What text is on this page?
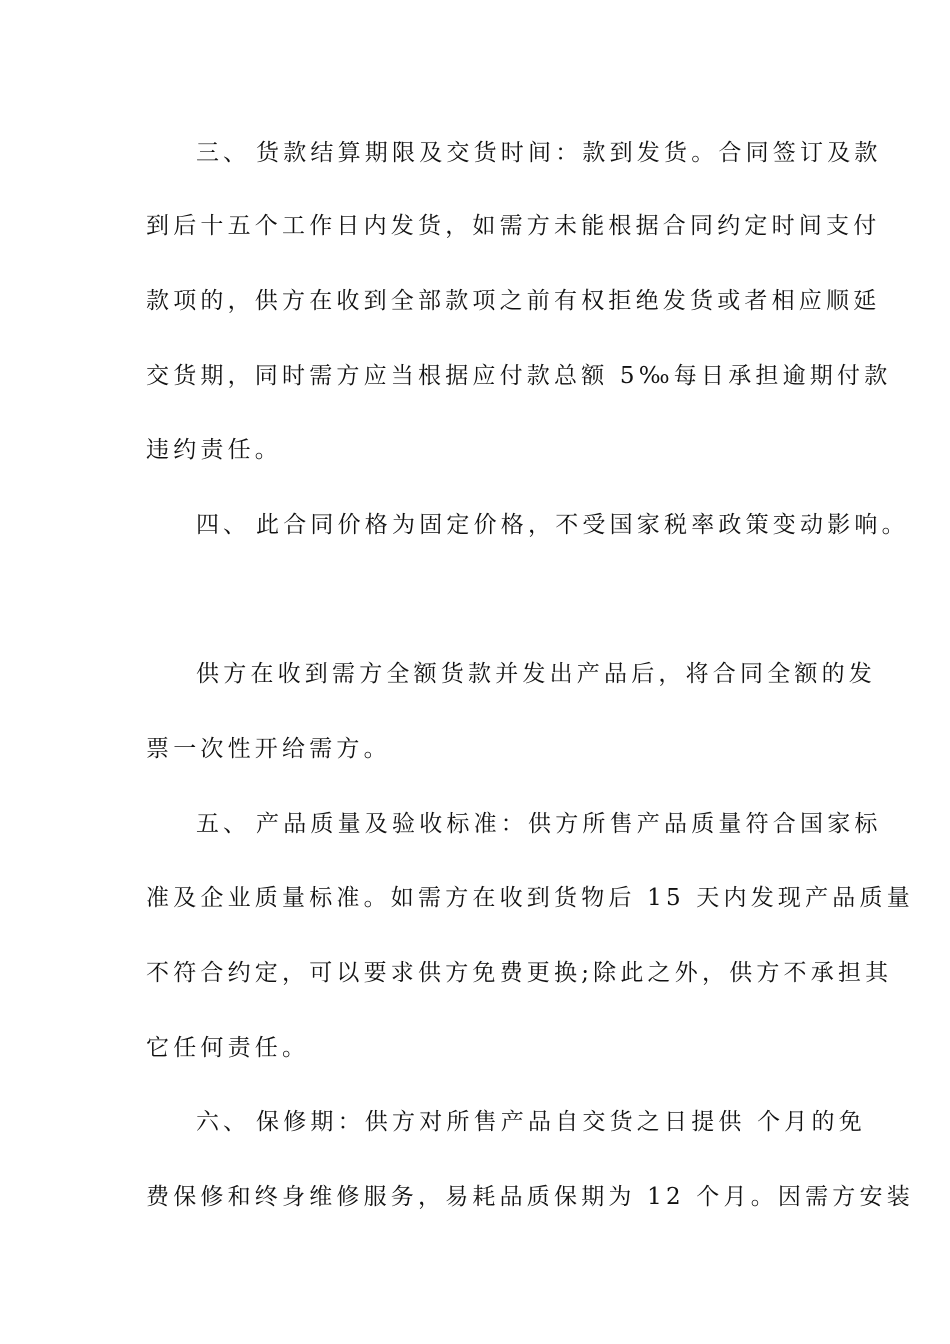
三、 货款结算期限及交货时间：款到发货。合同签订及款
到后十五个工作日内发货，如需方未能根据合同约定时间支付
款项的，供方在收到全部款项之前有权拒绝发货或者相应顺延
交货期，同时需方应当根据应付款总额 5‰每日承担逾期付款
违约责任。
四、 此合同价格为固定价格，不受国家税率政策变动影响。
供方在收到需方全额货款并发出产品后，将合同全额的发
票一次性开给需方。
五、 产品质量及验收标准：供方所售产品质量符合国家标
准及企业质量标准。如需方在收到货物后 15 天内发现产品质量
不符合约定，可以要求供方免费更换;除此之外，供方不承担其
它任何责任。
六、 保修期：供方对所售产品自交货之日提供 个月的免
费保修和终身维修服务，易耗品质保期为 12 个月。因需方安装
